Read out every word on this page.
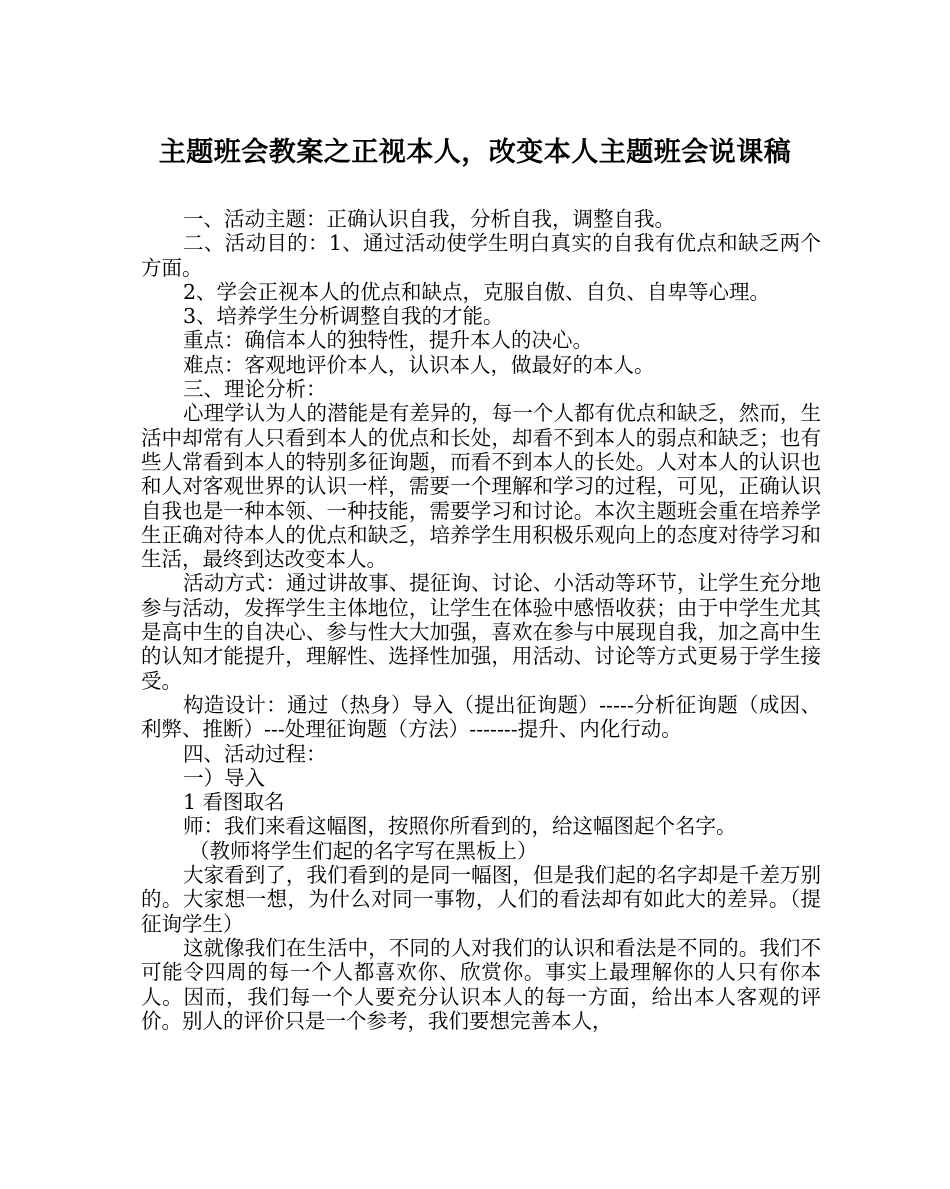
主题班会教案之正视本人，改变本人主题班会说课稿

一、活动主题：正确认识自我，分析自我，调整自我。

二、活动目的：1、通过活动使学生明白真实的自我有优点和缺乏两个方面。

2、学会正视本人的优点和缺点，克服自傲、自负、自卑等心理。

3、培养学生分析调整自我的才能。

重点：确信本人的独特性，提升本人的决心。

难点：客观地评价本人，认识本人，做最好的本人。

三、理论分析：

心理学认为人的潜能是有差异的，每一个人都有优点和缺乏，然而，生活中却常有人只看到本人的优点和长处，却看不到本人的弱点和缺乏；也有些人常看到本人的特别多征询题，而看不到本人的长处。人对本人的认识也和人对客观世界的认识一样，需要一个理解和学习的过程，可见，正确认识自我也是一种本领、一种技能，需要学习和讨论。本次主题班会重在培养学生正确对待本人的优点和缺乏，培养学生用积极乐观向上的态度对待学习和生活，最终到达改变本人。

活动方式：通过讲故事、提征询、讨论、小活动等环节，让学生充分地参与活动，发挥学生主体地位，让学生在体验中感悟收获；由于中学生尤其是高中生的自决心、参与性大大加强，喜欢在参与中展现自我，加之高中生的认知才能提升，理解性、选择性加强，用活动、讨论等方式更易于学生接受。

构造设计：通过（热身）导入（提出征询题）-----分析征询题（成因、利弊、推断）---处理征询题（方法）-------提升、内化行动。

四、活动过程：

一）导入

1 看图取名

师：我们来看这幅图，按照你所看到的，给这幅图起个名字。

（教师将学生们起的名字写在黑板上）

大家看到了，我们看到的是同一幅图，但是我们起的名字却是千差万别的。大家想一想，为什么对同一事物，人们的看法却有如此大的差异。（提征询学生）

这就像我们在生活中，不同的人对我们的认识和看法是不同的。我们不可能令四周的每一个人都喜欢你、欣赏你。事实上最理解你的人只有你本人。因而，我们每一个人要充分认识本人的每一方面，给出本人客观的评价。别人的评价只是一个参考，我们要想完善本人，
